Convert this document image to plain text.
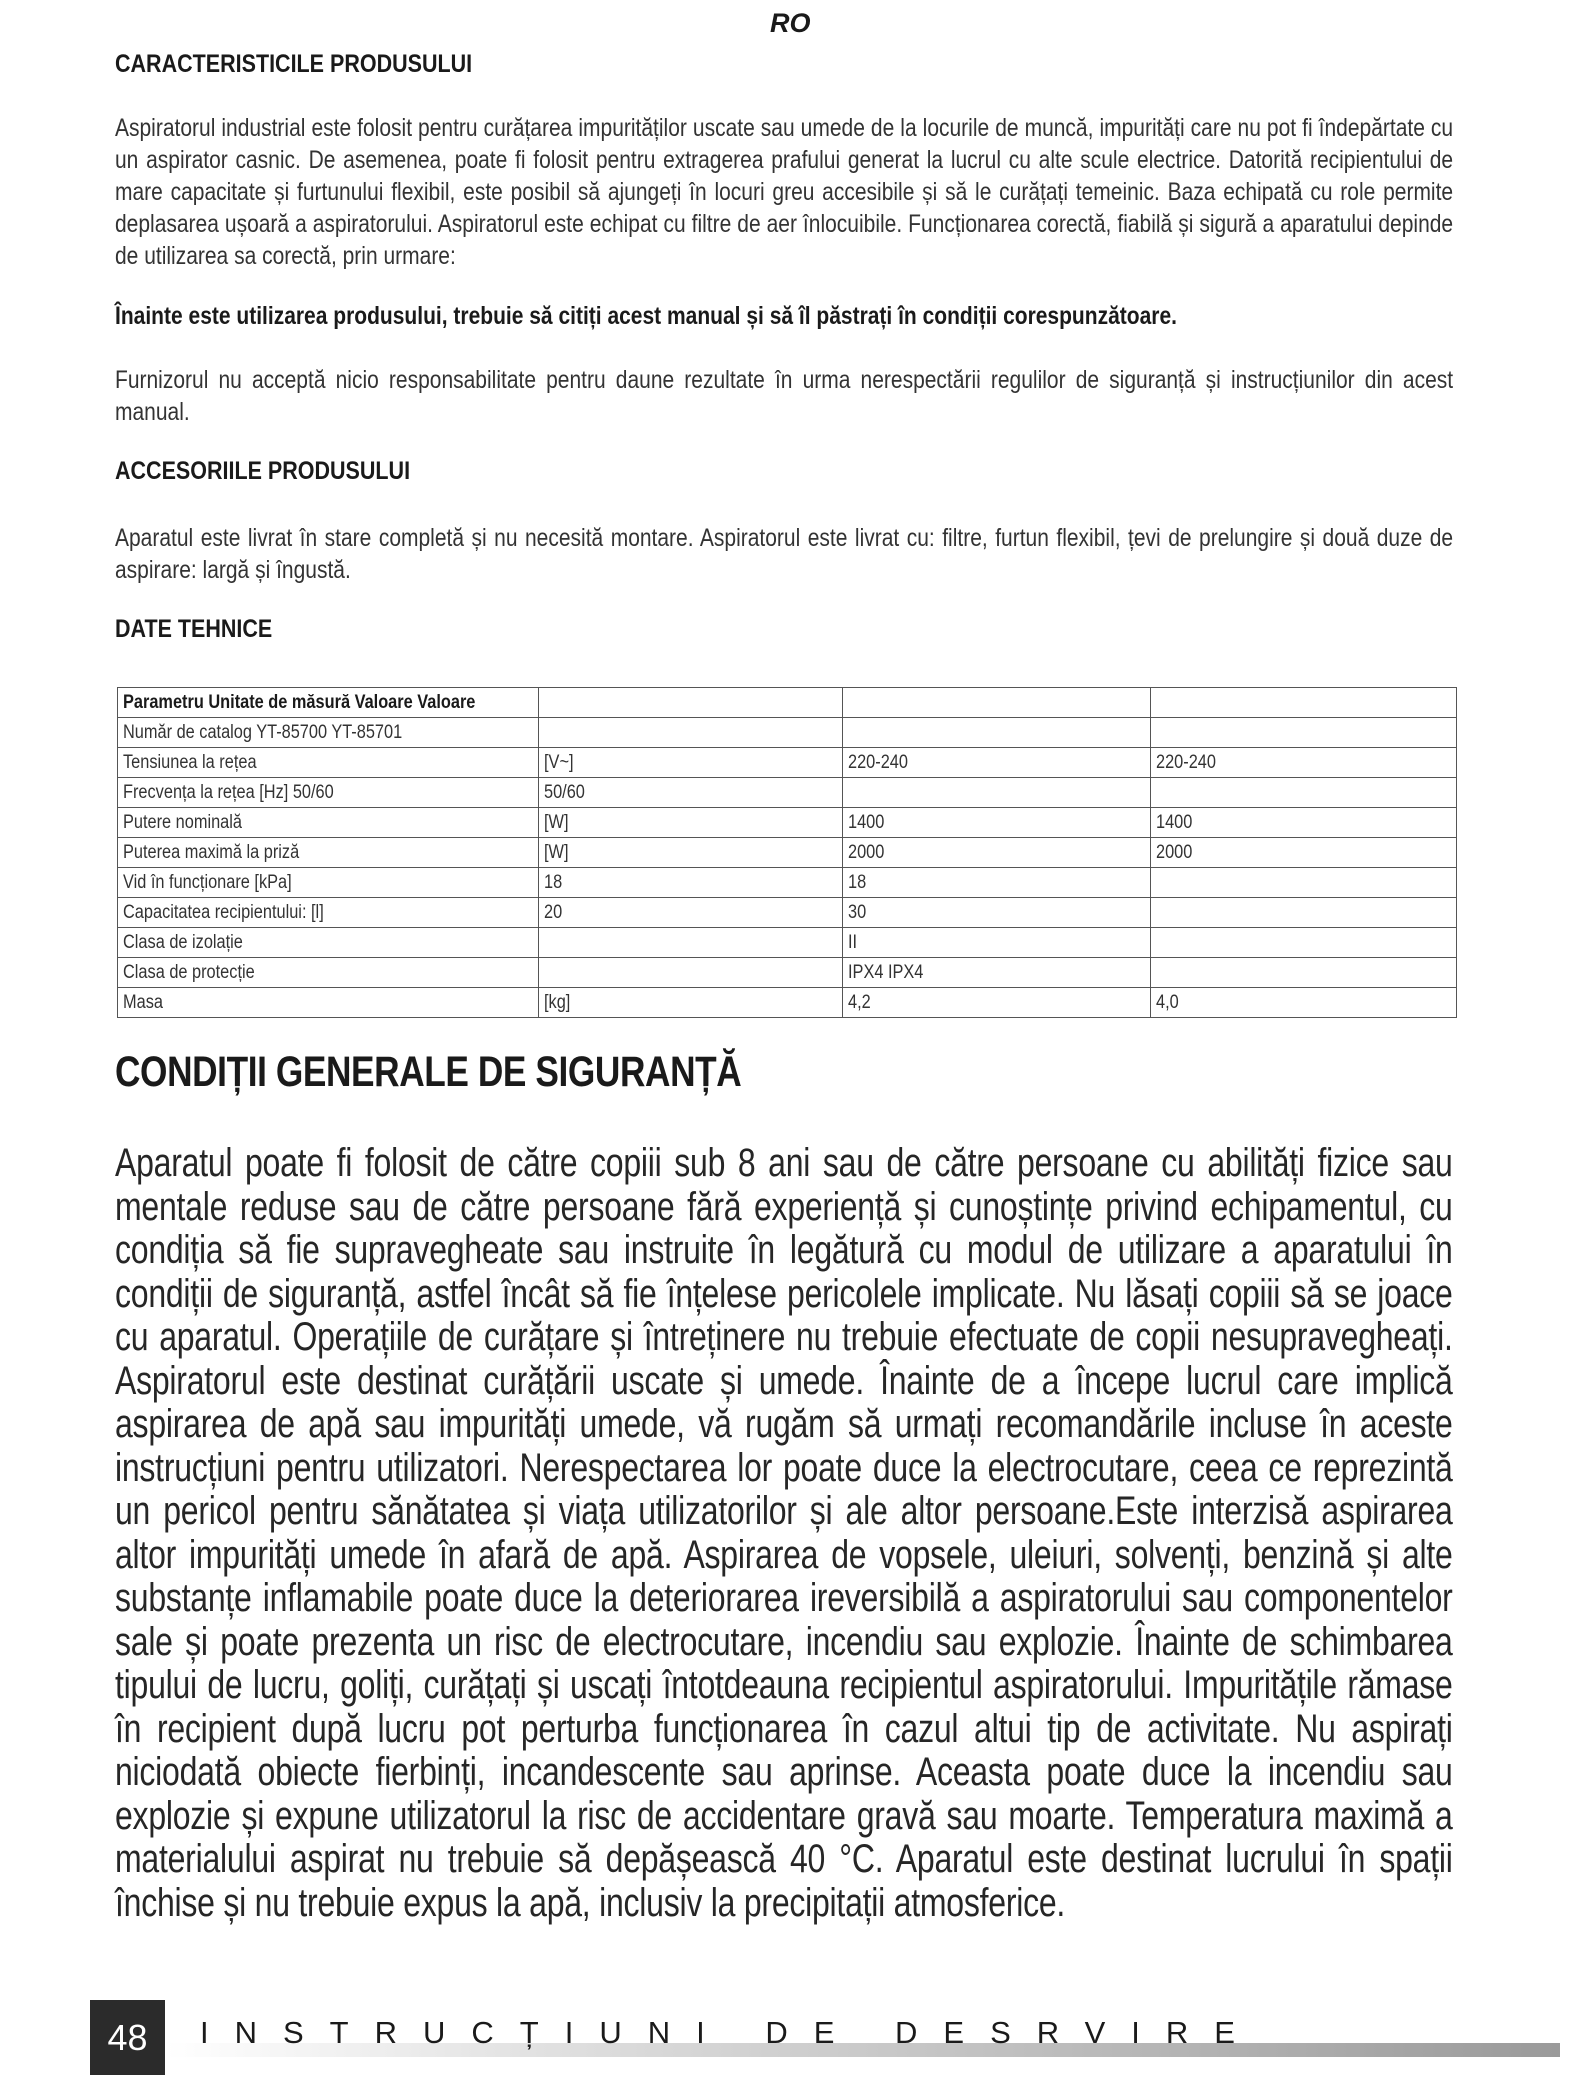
RO
CARACTERISTICILE PRODUSULUI
Aspiratorul industrial este folosit pentru curățarea impurităților uscate sau umede de la locurile de muncă, impurități care nu pot fi îndepărtate cu un aspirator casnic. De asemenea, poate fi folosit pentru extragerea prafului generat la lucrul cu alte scule electrice. Datorită recipientului de mare capacitate și furtunului flexibil, este posibil să ajungeți în locuri greu accesibile și să le curățați temeinic. Baza echipată cu role permite deplasarea ușoară a aspiratorului. Aspiratorul este echipat cu filtre de aer înlocuibile. Funcționarea corectă, fiabilă și sigură a aparatului depinde de utilizarea sa corectă, prin urmare:
Înainte este utilizarea produsului, trebuie să citiți acest manual și să îl păstrați în condiții corespunzătoare.
Furnizorul nu acceptă nicio responsabilitate pentru daune rezultate în urma nerespectării regulilor de siguranță și instrucțiunilor din acest manual.
ACCESORIILE PRODUSULUI
Aparatul este livrat în stare completă și nu necesită montare. Aspiratorul este livrat cu: filtre, furtun flexibil, țevi de prelungire și două duze de aspirare: largă și îngustă.
DATE TEHNICE
Parametru Unitate de măsură Valoare Valoare			
Număr de catalog YT-85700 YT-85701			
Tensiunea la rețea	[V~]	220-240	220-240
Frecvența la rețea [Hz] 50/60	50/60		
Putere nominală	[W]	1400	1400
Puterea maximă la priză	[W]	2000	2000
Vid în funcționare [kPa]	18	18	
Capacitatea recipientului: [l]	20	30	
Clasa de izolație		II	
Clasa de protecție		IPX4 IPX4	
Masa	[kg]	4,2	4,0
CONDIȚII GENERALE DE SIGURANȚĂ
Aparatul poate fi folosit de către copiii sub 8 ani sau de către persoane cu abilități fizice sau mentale reduse sau de către persoane fără experiență și cunoștințe privind echipamentul, cu condiția să fie supravegheate sau instruite în legătură cu modul de utilizare a aparatului în condiții de siguranță, astfel încât să fie înțelese pericolele implicate. Nu lăsați copiii să se joace cu aparatul. Operațiile de curățare și întreținere nu trebuie efectuate de copii nesupravegheați. Aspiratorul este destinat curățării uscate și umede. Înainte de a începe lucrul care implică aspirarea de apă sau impurități umede, vă rugăm să urmați recomandările incluse în aceste instrucțiuni pentru utilizatori. Nerespectarea lor poate duce la electrocutare, ceea ce reprezintă un pericol pentru sănătatea și viața utilizatorilor și ale altor persoane.Este interzisă aspirarea altor impurități umede în afară de apă. Aspirarea de vopsele, uleiuri, solvenți, benzină și alte substanțe inflamabile poate duce la deteriorarea ireversibilă a aspiratorului sau componentelor sale și poate prezenta un risc de electrocutare, incendiu sau explozie. Înainte de schimbarea tipului de lucru, goliți, curățați și uscați întotdeauna recipientul aspiratorului. Impuritățile rămase în recipient după lucru pot perturba funcționarea în cazul altui tip de activitate. Nu aspirați niciodată obiecte fierbinți, incandescente sau aprinse. Aceasta poate duce la incendiu sau explozie și expune utilizatorul la risc de accidentare gravă sau moarte. Temperatura maximă a materialului aspirat nu trebuie să depășească 40 °C. Aparatul este destinat lucrului în spații închise și nu trebuie expus la apă, inclusiv la precipitații atmosferice.
48	INSTRUCȚIUNI DE DESRVIRE
